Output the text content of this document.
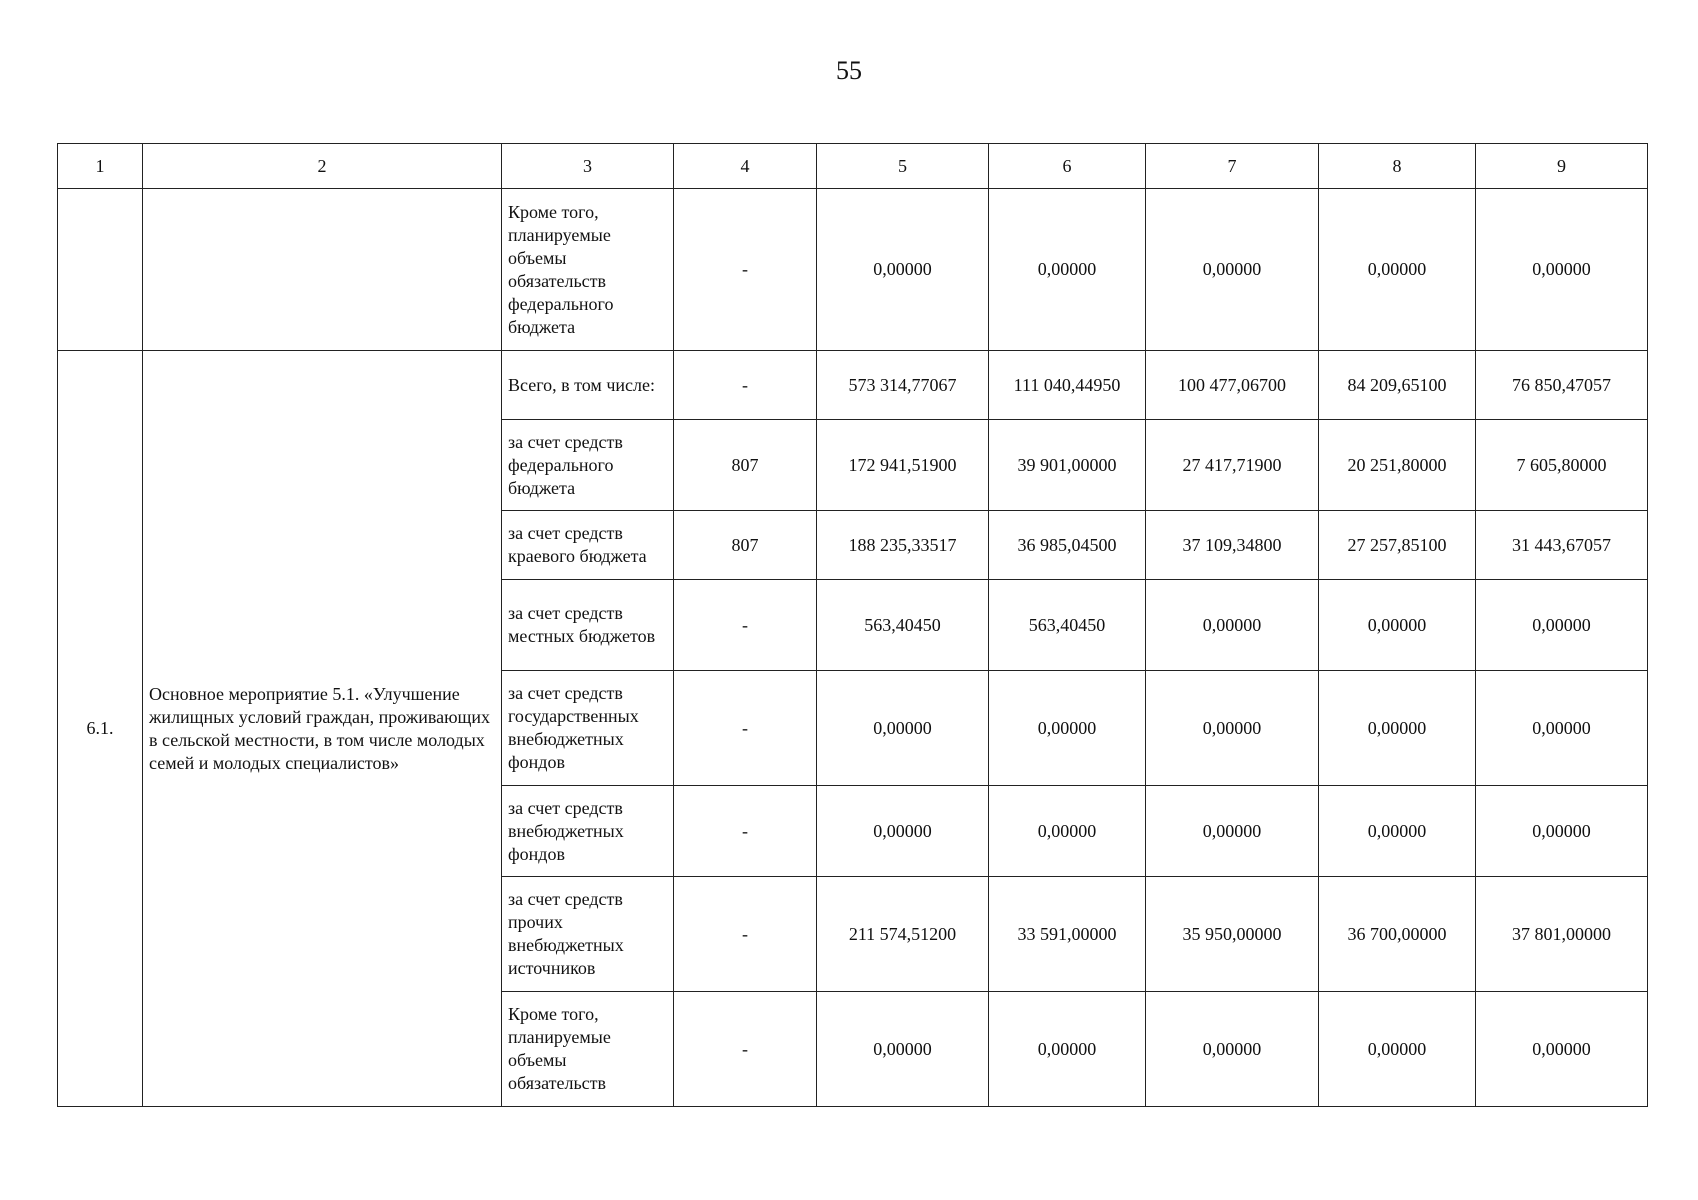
55
1	2	3	4	5	6	7	8	9
		Кроме того, планируемые объемы обязательств федерального бюджета	-	0,00000	0,00000	0,00000	0,00000	0,00000
6.1.	Основное мероприятие 5.1. «Улучшение жилищных условий граждан, проживающих в сельской местности, в том числе молодых семей и молодых специалистов»	Всего, в том числе:	-	573 314,77067	111 040,44950	100 477,06700	84 209,65100	76 850,47057
		за счет средств федерального бюджета	807	172 941,51900	39 901,00000	27 417,71900	20 251,80000	7 605,80000
		за счет средств краевого бюджета	807	188 235,33517	36 985,04500	37 109,34800	27 257,85100	31 443,67057
		за счет средств местных бюджетов	-	563,40450	563,40450	0,00000	0,00000	0,00000
		за счет средств государственных внебюджетных фондов	-	0,00000	0,00000	0,00000	0,00000	0,00000
		за счет средств внебюджетных фондов	-	0,00000	0,00000	0,00000	0,00000	0,00000
		за счет средств прочих внебюджетных источников	-	211 574,51200	33 591,00000	35 950,00000	36 700,00000	37 801,00000
		Кроме того, планируемые объемы обязательств	-	0,00000	0,00000	0,00000	0,00000	0,00000
